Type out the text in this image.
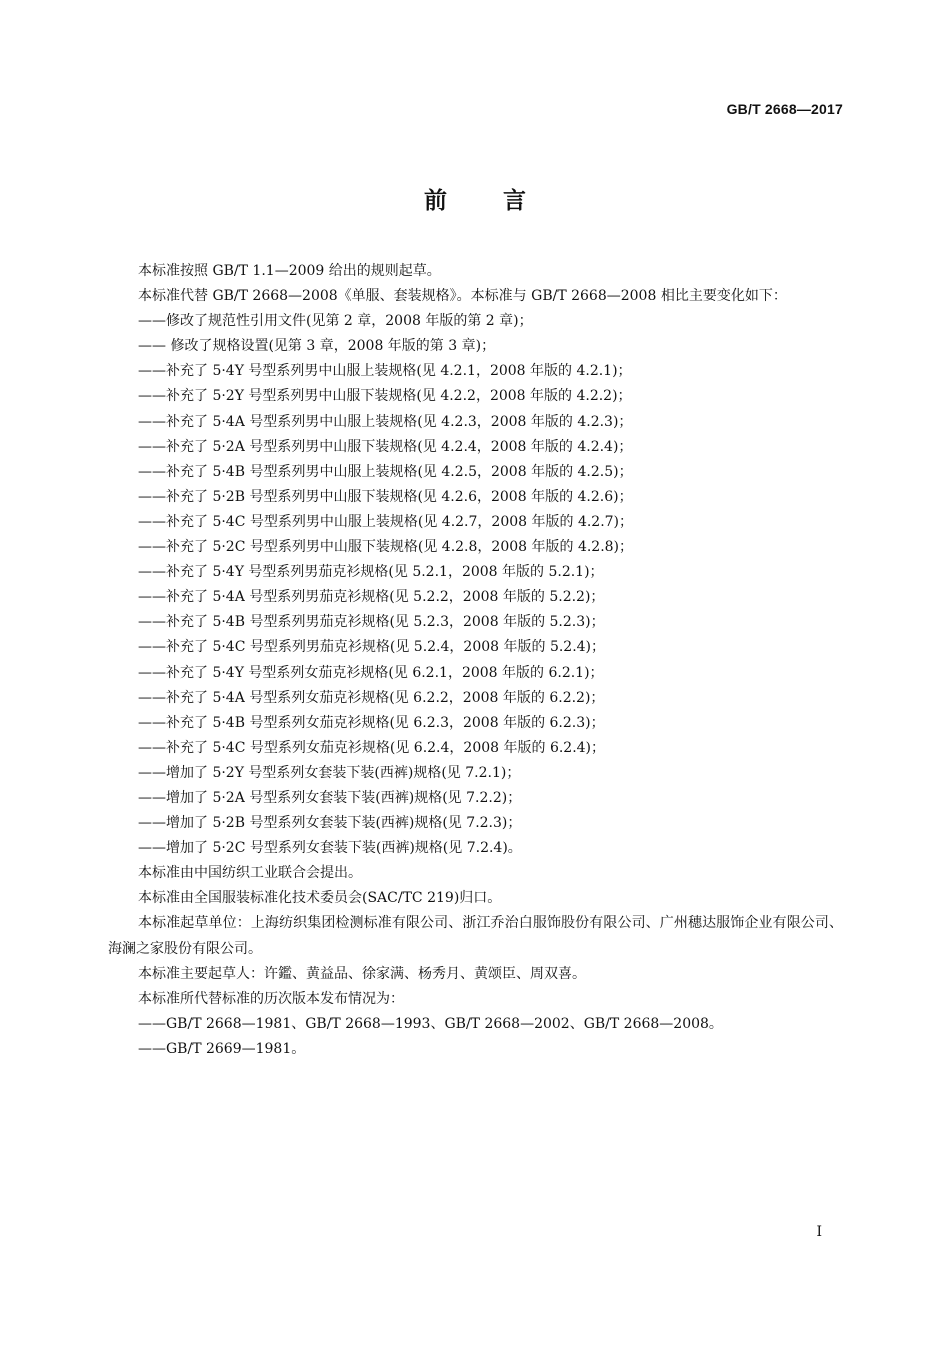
GB/T 2668—2017
前言
本标准按照 GB/T 1.1—2009 给出的规则起草。
本标准代替 GB/T 2668—2008《单服、套装规格》。本标准与 GB/T 2668—2008 相比主要变化如下：
——修改了规范性引用文件(见第 2 章，2008 年版的第 2 章)；
—— 修改了规格设置(见第 3 章，2008 年版的第 3 章)；
——补充了 5·4Y 号型系列男中山服上装规格(见 4.2.1，2008 年版的 4.2.1)；
——补充了 5·2Y 号型系列男中山服下装规格(见 4.2.2，2008 年版的 4.2.2)；
——补充了 5·4A 号型系列男中山服上装规格(见 4.2.3，2008 年版的 4.2.3)；
——补充了 5·2A 号型系列男中山服下装规格(见 4.2.4，2008 年版的 4.2.4)；
——补充了 5·4B 号型系列男中山服上装规格(见 4.2.5，2008 年版的 4.2.5)；
——补充了 5·2B 号型系列男中山服下装规格(见 4.2.6，2008 年版的 4.2.6)；
——补充了 5·4C 号型系列男中山服上装规格(见 4.2.7，2008 年版的 4.2.7)；
——补充了 5·2C 号型系列男中山服下装规格(见 4.2.8，2008 年版的 4.2.8)；
——补充了 5·4Y 号型系列男茄克衫规格(见 5.2.1，2008 年版的 5.2.1)；
——补充了 5·4A 号型系列男茄克衫规格(见 5.2.2，2008 年版的 5.2.2)；
——补充了 5·4B 号型系列男茄克衫规格(见 5.2.3，2008 年版的 5.2.3)；
——补充了 5·4C 号型系列男茄克衫规格(见 5.2.4，2008 年版的 5.2.4)；
——补充了 5·4Y 号型系列女茄克衫规格(见 6.2.1，2008 年版的 6.2.1)；
——补充了 5·4A 号型系列女茄克衫规格(见 6.2.2，2008 年版的 6.2.2)；
——补充了 5·4B 号型系列女茄克衫规格(见 6.2.3，2008 年版的 6.2.3)；
——补充了 5·4C 号型系列女茄克衫规格(见 6.2.4，2008 年版的 6.2.4)；
——增加了 5·2Y 号型系列女套装下装(西裤)规格(见 7.2.1)；
——增加了 5·2A 号型系列女套装下装(西裤)规格(见 7.2.2)；
——增加了 5·2B 号型系列女套装下装(西裤)规格(见 7.2.3)；
——增加了 5·2C 号型系列女套装下装(西裤)规格(见 7.2.4)。
本标准由中国纺织工业联合会提出。
本标准由全国服装标准化技术委员会(SAC/TC 219)归口。
本标准起草单位：上海纺织集团检测标准有限公司、浙江乔治白服饰股份有限公司、广州穗达服饰企业有限公司、海澜之家股份有限公司。
本标准主要起草人：许鑑、黄益品、徐家满、杨秀月、黄颂臣、周双喜。
本标准所代替标准的历次版本发布情况为：
——GB/T 2668—1981、GB/T 2668—1993、GB/T 2668—2002、GB/T 2668—2008。
——GB/T 2669—1981。
I
